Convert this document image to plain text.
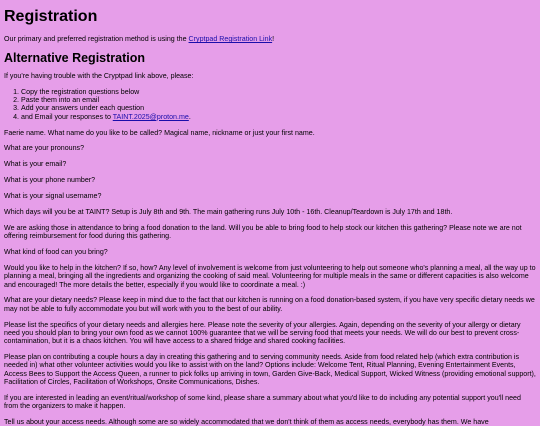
Registration

Our primary and preferred registration method is using the Cryptpad Registration Link!

Alternative Registration

If you're having trouble with the Cryptpad link above, please:

1. Copy the registration questions below
2. Paste them into an email
3. Add your answers under each question
4. and Email your responses to TAINT.2025@proton.me.

Faerie name. What name do you like to be called? Magical name, nickname or just your first name.

What are your pronouns?

What is your email?

What is your phone number?

What is your signal username?

Which days will you be at TAINT? Setup is July 8th and 9th. The main gathering runs July 10th - 16th. Cleanup/Teardown is July 17th and 18th.

We are asking those in attendance to bring a food donation to the land. Will you be able to bring food to help stock our kitchen this gathering? Please note we are not offering reimbursement for food during this gathering.

What kind of food can you bring?

Would you like to help in the kitchen? If so, how? Any level of involvement is welcome from just volunteering to help out someone who's planning a meal, all the way up to planning a meal, bringing all the ingredients and organizing the cooking of said meal. Volunteering for multiple meals in the same or different capacities is also welcome and encouraged! The more details the better, especially if you would like to coordinate a meal. :)

What are your dietary needs? Please keep in mind due to the fact that our kitchen is running on a food donation-based system, if you have very specific dietary needs we may not be able to fully accommodate you but will work with you to the best of our ability.

Please list the specifics of your dietary needs and allergies here. Please note the severity of your allergies. Again, depending on the severity of your allergy or dietary need you should plan to bring your own food as we cannot 100% guarantee that we will be serving food that meets your needs. We will do our best to prevent cross-contamination, but it is a chaos kitchen. You will have access to a shared fridge and shared cooking facilities.

Please plan on contributing a couple hours a day in creating this gathering and to serving community needs. Aside from food related help (which extra contribution is needed in) what other volunteer activities would you like to assist with on the land? Options include: Welcome Tent, Ritual Planning, Evening Entertainment Events, Access Bees to Support the Access Queen, a runner to pick folks up arriving in town, Garden Give-Back, Medical Support, Wicked Witness (providing emotional support), Facilitation of Circles, Facilitation of Workshops, Onsite Communications, Dishes.

If you are interested in leading an event/ritual/workshop of some kind, please share a summary about what you'd like to do including any potential support you'll need from the organizers to make it happen.

Tell us about your access needs. Although some are so widely accommodated that we don't think of them as access needs, everybody has them. We have
